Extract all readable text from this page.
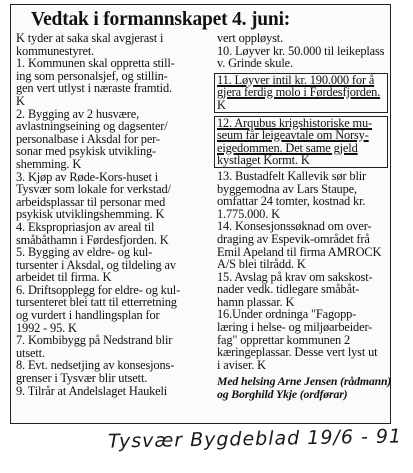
Vedtak i formannskapet 4. juni:
K tyder at saka skal avgjerast i
kommunestyret.
1. Kommunen skal oppretta still-
ing som personalsjef, og stillin-
gen vert utlyst i næraste framtid.
K
2. Bygging av 2 husvære,
avlastningseining og dagsenter/
personalbase i Aksdal for per-
sonar med psykisk utvikling-
shemming. K
3. Kjøp av Røde-Kors-huset i
Tysvær som lokale for verkstad/
arbeidsplassar til personar med
psykisk utviklingshemming. K
4. Ekspropriasjon av areal til
småbåthamn i Førdesfjorden. K
5. Bygging av eldre- og kul-
tursenter i Aksdal, og tildeling av
arbeidet til firma. K
6. Driftsopplegg for eldre- og kul-
tursenteret blei tatt til etterretning
og vurdert i handlingsplan for
1992 - 95. K
7. Kombibygg på Nedstrand blir
utsett.
8. Evt. nedsetjing av konsesjons-
grenser i Tysvær blir utsett.
9. Tilrår at Andelslaget Haukeli
vert oppløyst.
10. Løyver kr. 50.000 til leikeplass
v. Grinde skule.
11. Løyver intil kr. 190.000 for å
gjera ferdig molo i Førdesfjorden.
K
12. Arqubus krigshistoriske mu-
seum får leigeavtale om Norsy-
eigedommen. Det same gjeld
kystlaget Kormt. K
13. Bustadfelt Kallevik sør blir
byggemodna av Lars Staupe,
omfattar 24 tomter, kostnad kr.
1.775.000. K
14. Konsesjonssøknad om over-
draging av Espevik-området frå
Emil Apeland til firma AMROCK
A/S blei tilrådd. K
15. Avslag på krav om sakskost-
nader vedk. tidlegare småbåt-
hamn plassar. K
16.Under ordninga "Fagopp-
læring i helse- og miljøarbeider-
fag" opprettar kommunen 2
kæringeplassar. Desse vert lyst ut
i aviser. K
Med helsing Arne Jensen (rådmann)
og Borghild Ykje (ordførar)
Tysvær Bygdeblad 19/6 - 91
